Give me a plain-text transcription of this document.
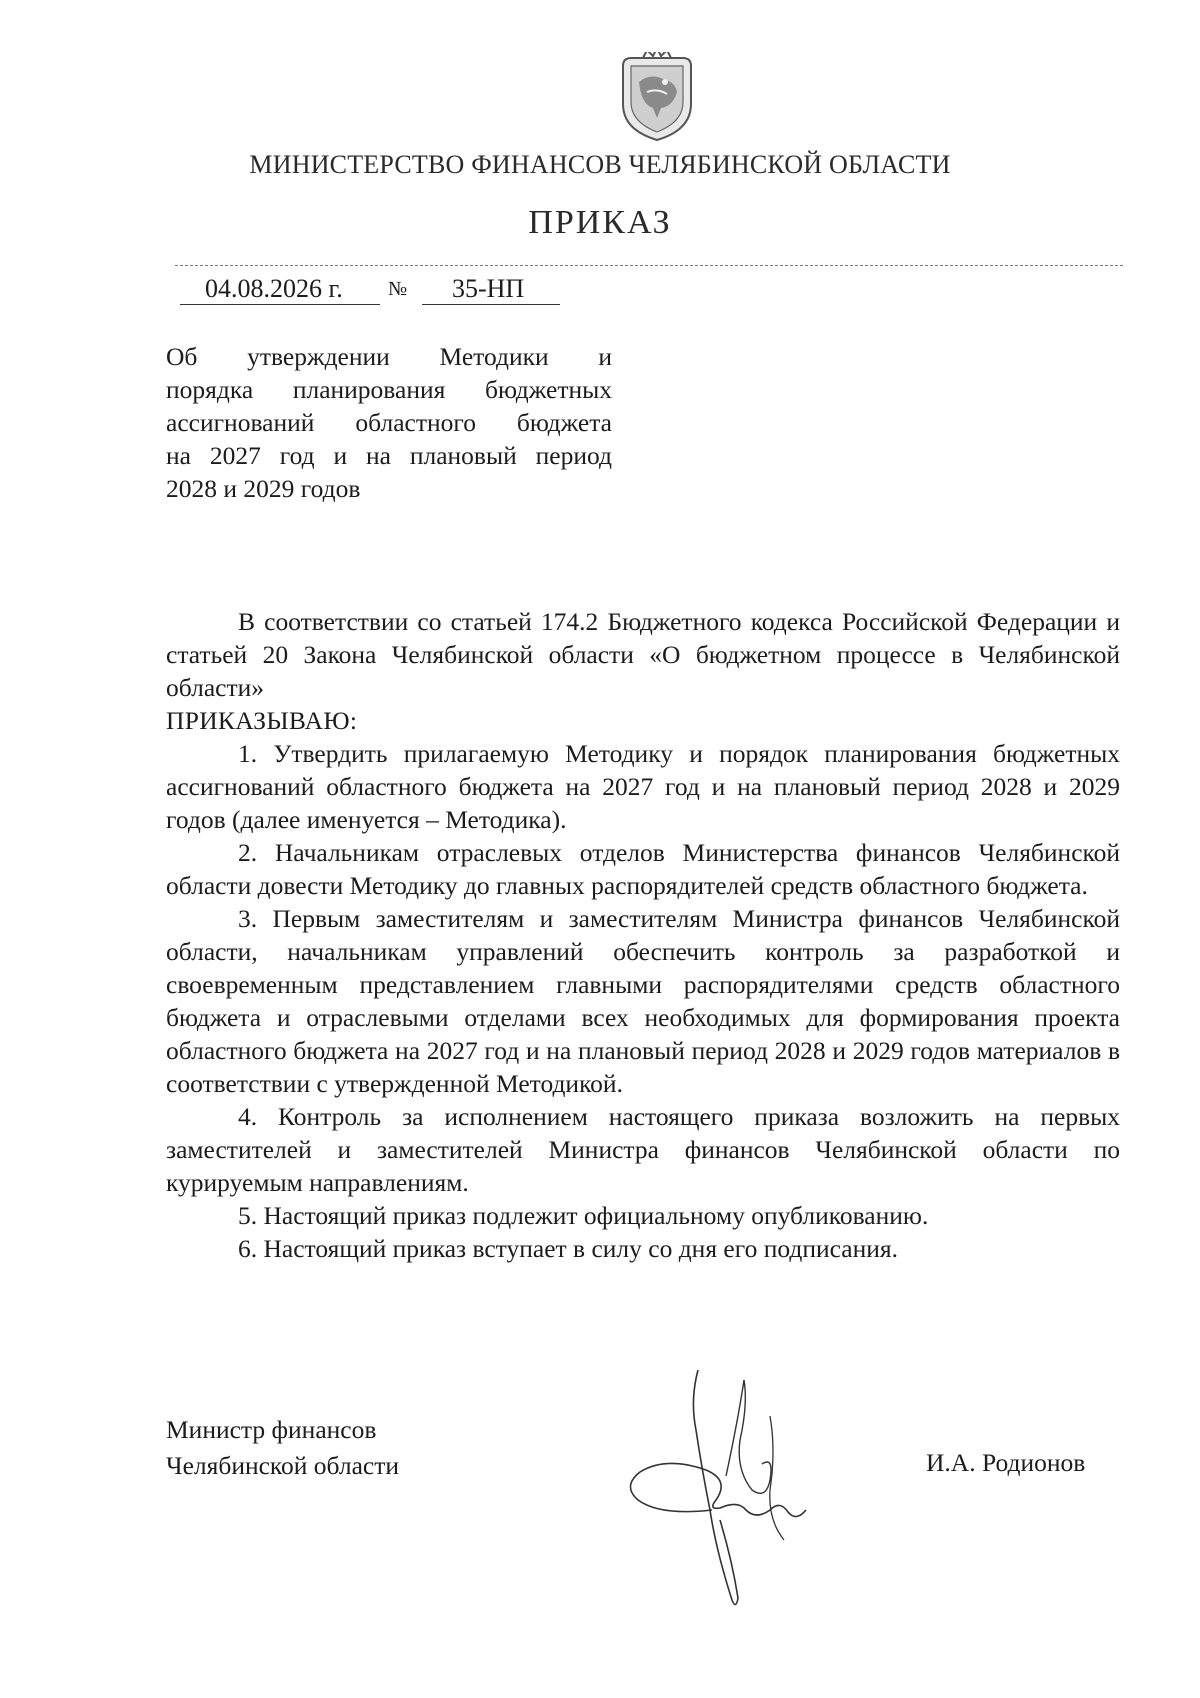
МИНИСТЕРСТВО ФИНАНСОВ ЧЕЛЯБИНСКОЙ ОБЛАСТИ
ПРИКАЗ
04.08.2026 г. № 35-НП
Об утверждении Методики и
порядка планирования бюджетных
ассигнований областного бюджета
на 2027 год и на плановый период
2028 и 2029 годов

В соответствии со статьей 174.2 Бюджетного кодекса Российской Федерации и статьей 20 Закона Челябинской области «О бюджетном процессе в Челябинской области»

ПРИКАЗЫВАЮ:

1. Утвердить прилагаемую Методику и порядок планирования бюджетных ассигнований областного бюджета на 2027 год и на плановый период 2028 и 2029 годов (далее именуется – Методика).

2. Начальникам отраслевых отделов Министерства финансов Челябинской области довести Методику до главных распорядителей средств областного бюджета.

3. Первым заместителям и заместителям Министра финансов Челябинской области, начальникам управлений обеспечить контроль за разработкой и своевременным представлением главными распорядителями средств областного бюджета и отраслевыми отделами всех необходимых для формирования проекта областного бюджета на 2027 год и на плановый период 2028 и 2029 годов материалов в соответствии с утвержденной Методикой.

4. Контроль за исполнением настоящего приказа возложить на первых заместителей и заместителей Министра финансов Челябинской области по курируемым направлениям.

5. Настоящий приказ подлежит официальному опубликованию.

6. Настоящий приказ вступает в силу со дня его подписания.

Министр финансов
Челябинской области	И.А. Родионов
